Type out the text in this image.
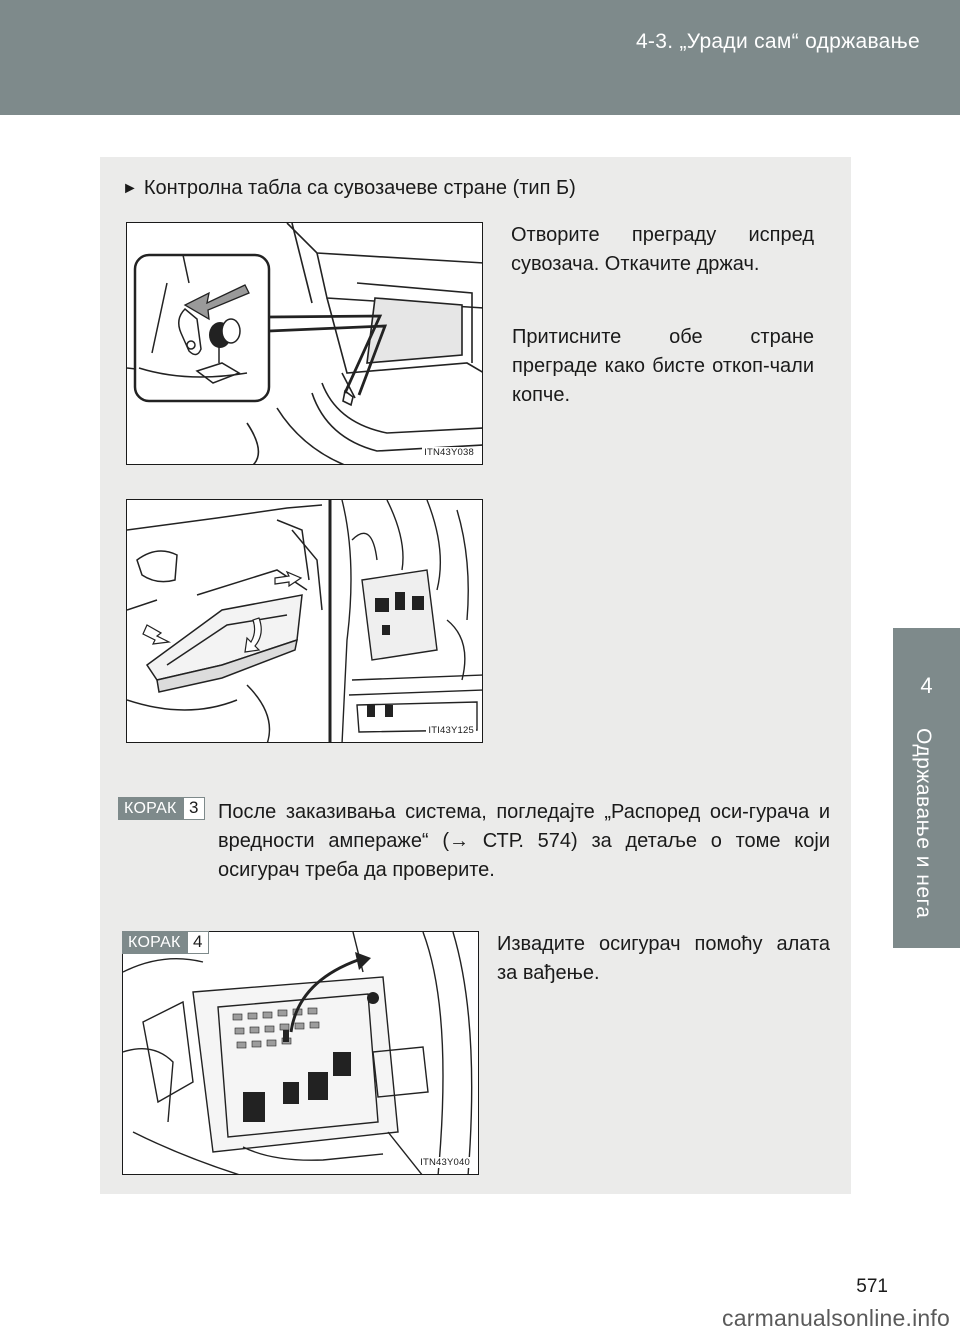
4-3. „Уради сам“ одржавање
4
Одржавање и нега
► Контролна табла са сувозачеве стране (тип Б)
Отворите преграду испред сувозача. Откачите држач.
Притисните обе стране преграде како бисте откоп-чали копче.
ITN43Y038
ITI43Y125
КОРАК 3 После заказивања система, погледајте „Распоред оси-гурача и вредности ампераже“ (→ СТР. 574) за детаље о томе који осигурач треба да проверите.
ITN43Y040
КОРАК 4	Извадите осигурач помоћу алата за вађење.
571
carmanualsonline.info
